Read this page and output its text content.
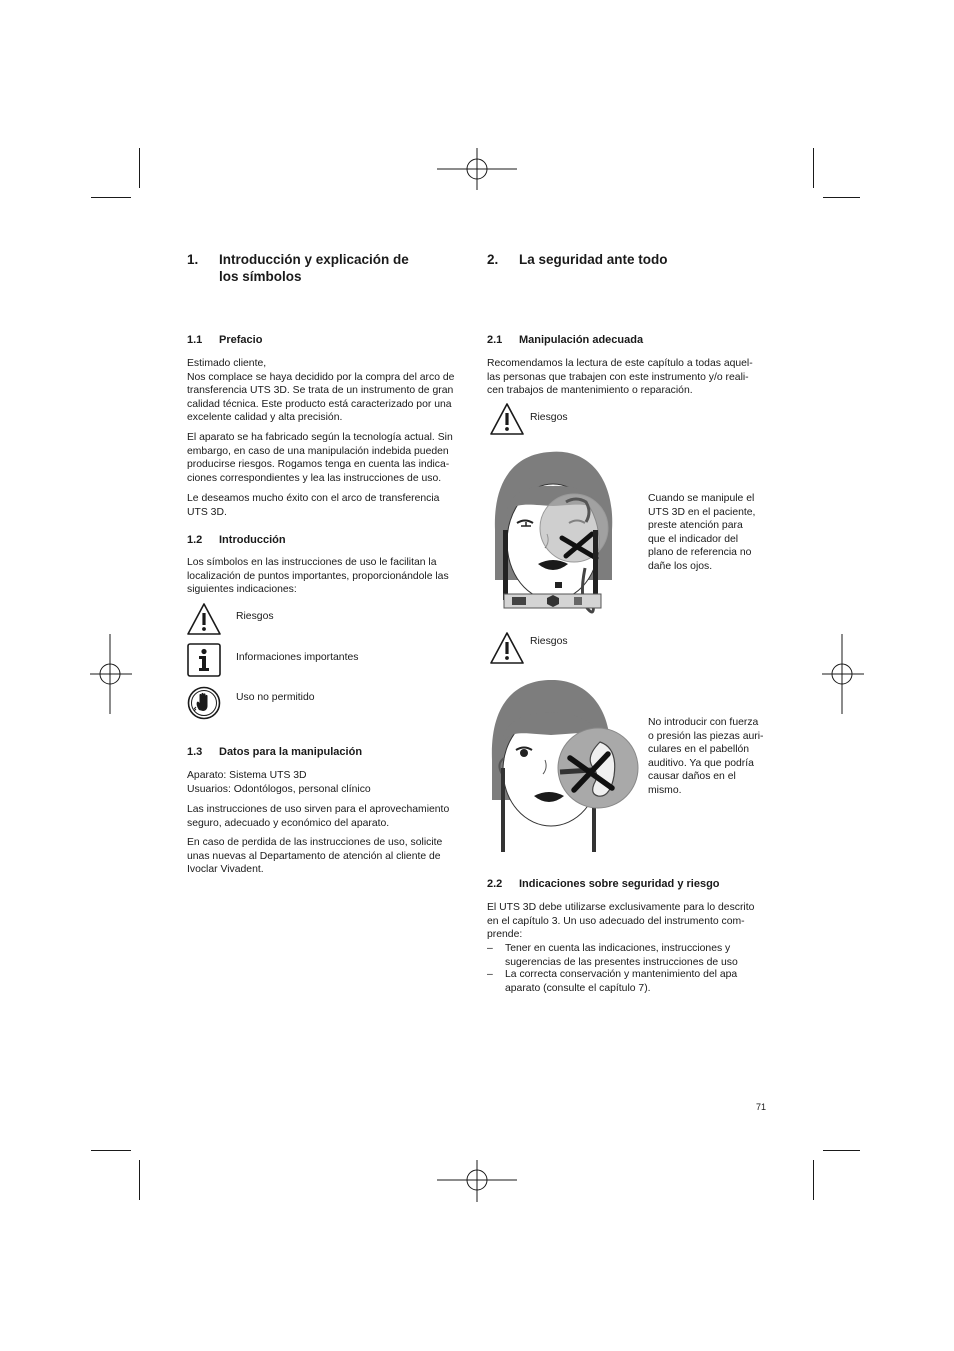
1. Introducción y explicación de
los símbolos
1.1 Prefacio
Estimado cliente,
Nos complace se haya decidido por la compra del arco de
transferencia UTS 3D. Se trata de un instrumento de gran
calidad técnica. Este producto está caracterizado por una
excelente calidad y alta precisión.
El aparato se ha fabricado según la tecnología actual. Sin
embargo, en caso de una manipulación indebida pueden
producirse riesgos. Rogamos tenga en cuenta las indica-
ciones correspondientes y lea las instrucciones de uso.
Le deseamos mucho éxito con el arco de transferencia
UTS 3D.
1.2 Introducción
Los símbolos en las instrucciones de uso le facilitan la
localización de puntos importantes, proporcionándole las
siguientes indicaciones:
Riesgos
Informaciones importantes
Uso no permitido
1.3 Datos para la manipulación
Aparato: Sistema UTS 3D
Usuarios: Odontólogos, personal clínico
Las instrucciones de uso sirven para el aprovechamiento
seguro, adecuado y económico del aparato.
En caso de perdida de las instrucciones de uso, solicite
unas nuevas al Departamento de atención al cliente de
Ivoclar Vivadent.
2. La seguridad ante todo
2.1 Manipulación adecuada
Recomendamos la lectura de este capítulo a todas aquel-
las personas que trabajen con este instrumento y/o reali-
cen trabajos de mantenimiento o reparación.
Riesgos
Cuando se manipule el
UTS 3D en el paciente,
preste atención para
que el indicador del
plano de referencia no
dañe los ojos.
Riesgos
No introducir con fuerza
o presión las piezas auri-
culares en el pabellón
auditivo. Ya que podría
causar daños en el
mismo.
2.2 Indicaciones sobre seguridad y riesgo
El UTS 3D debe utilizarse exclusivamente para lo descrito
en el capítulo 3. Un uso adecuado del instrumento com-
prende:
– Tener en cuenta las indicaciones, instrucciones y
sugerencias de las presentes instrucciones de uso
– La correcta conservación y mantenimiento del apa
aparato (consulte el capítulo 7).
71
